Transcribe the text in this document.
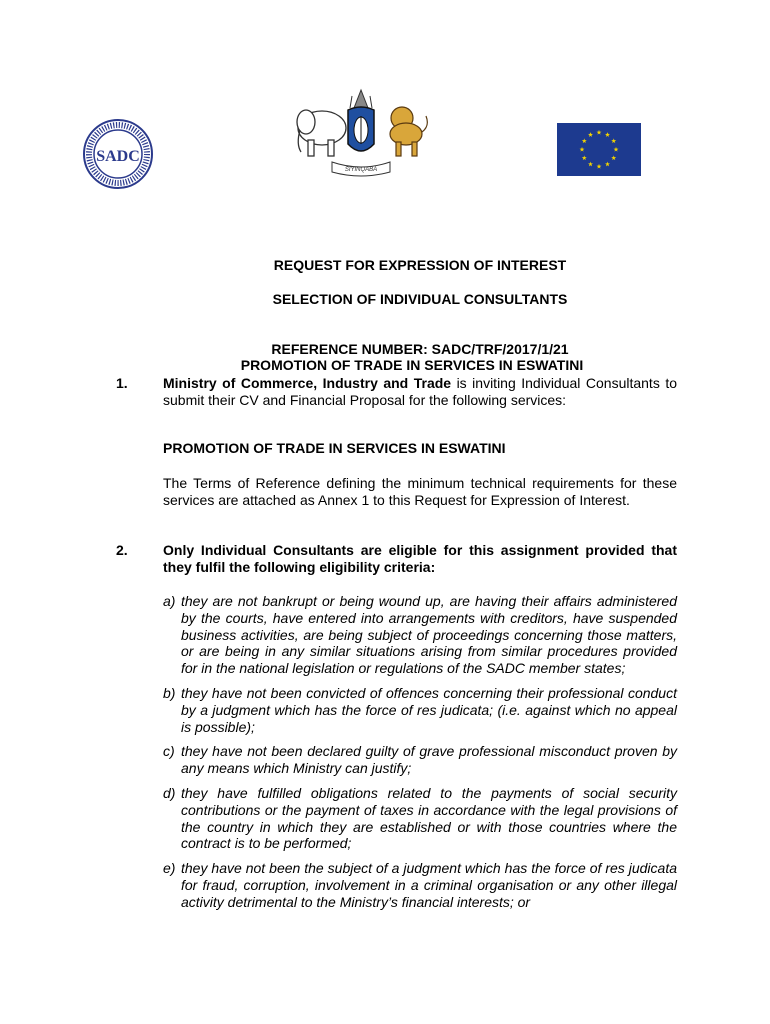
SADC
SIYINQABA
REQUEST FOR EXPRESSION OF INTEREST
SELECTION OF INDIVIDUAL CONSULTANTS
REFERENCE NUMBER: SADC/TRF/2017/1/21
PROMOTION OF TRADE IN SERVICES IN ESWATINI
1.	Ministry of Commerce, Industry and Trade is inviting Individual Consultants to submit their CV and Financial Proposal for the following services:
PROMOTION OF TRADE IN SERVICES IN ESWATINI
The Terms of Reference defining the minimum technical requirements for these services are attached as Annex 1 to this Request for Expression of Interest.
2.	Only Individual Consultants are eligible for this assignment provided that they fulfil the following eligibility criteria:
a) they are not bankrupt or being wound up, are having their affairs administered by the courts, have entered into arrangements with creditors, have suspended business activities, are being subject of proceedings concerning those matters, or are being in any similar situations arising from similar procedures provided for in the national legislation or regulations of the SADC member states;
b) they have not been convicted of offences concerning their professional conduct by a judgment which has the force of res judicata; (i.e. against which no appeal is possible);
c) they have not been declared guilty of grave professional misconduct proven by any means which Ministry can justify;
d) they have fulfilled obligations related to the payments of social security contributions or the payment of taxes in accordance with the legal provisions of the country in which they are established or with those countries where the contract is to be performed;
e) they have not been the subject of a judgment which has the force of res judicata for fraud, corruption, involvement in a criminal organisation or any other illegal activity detrimental to the Ministry’s financial interests; or
